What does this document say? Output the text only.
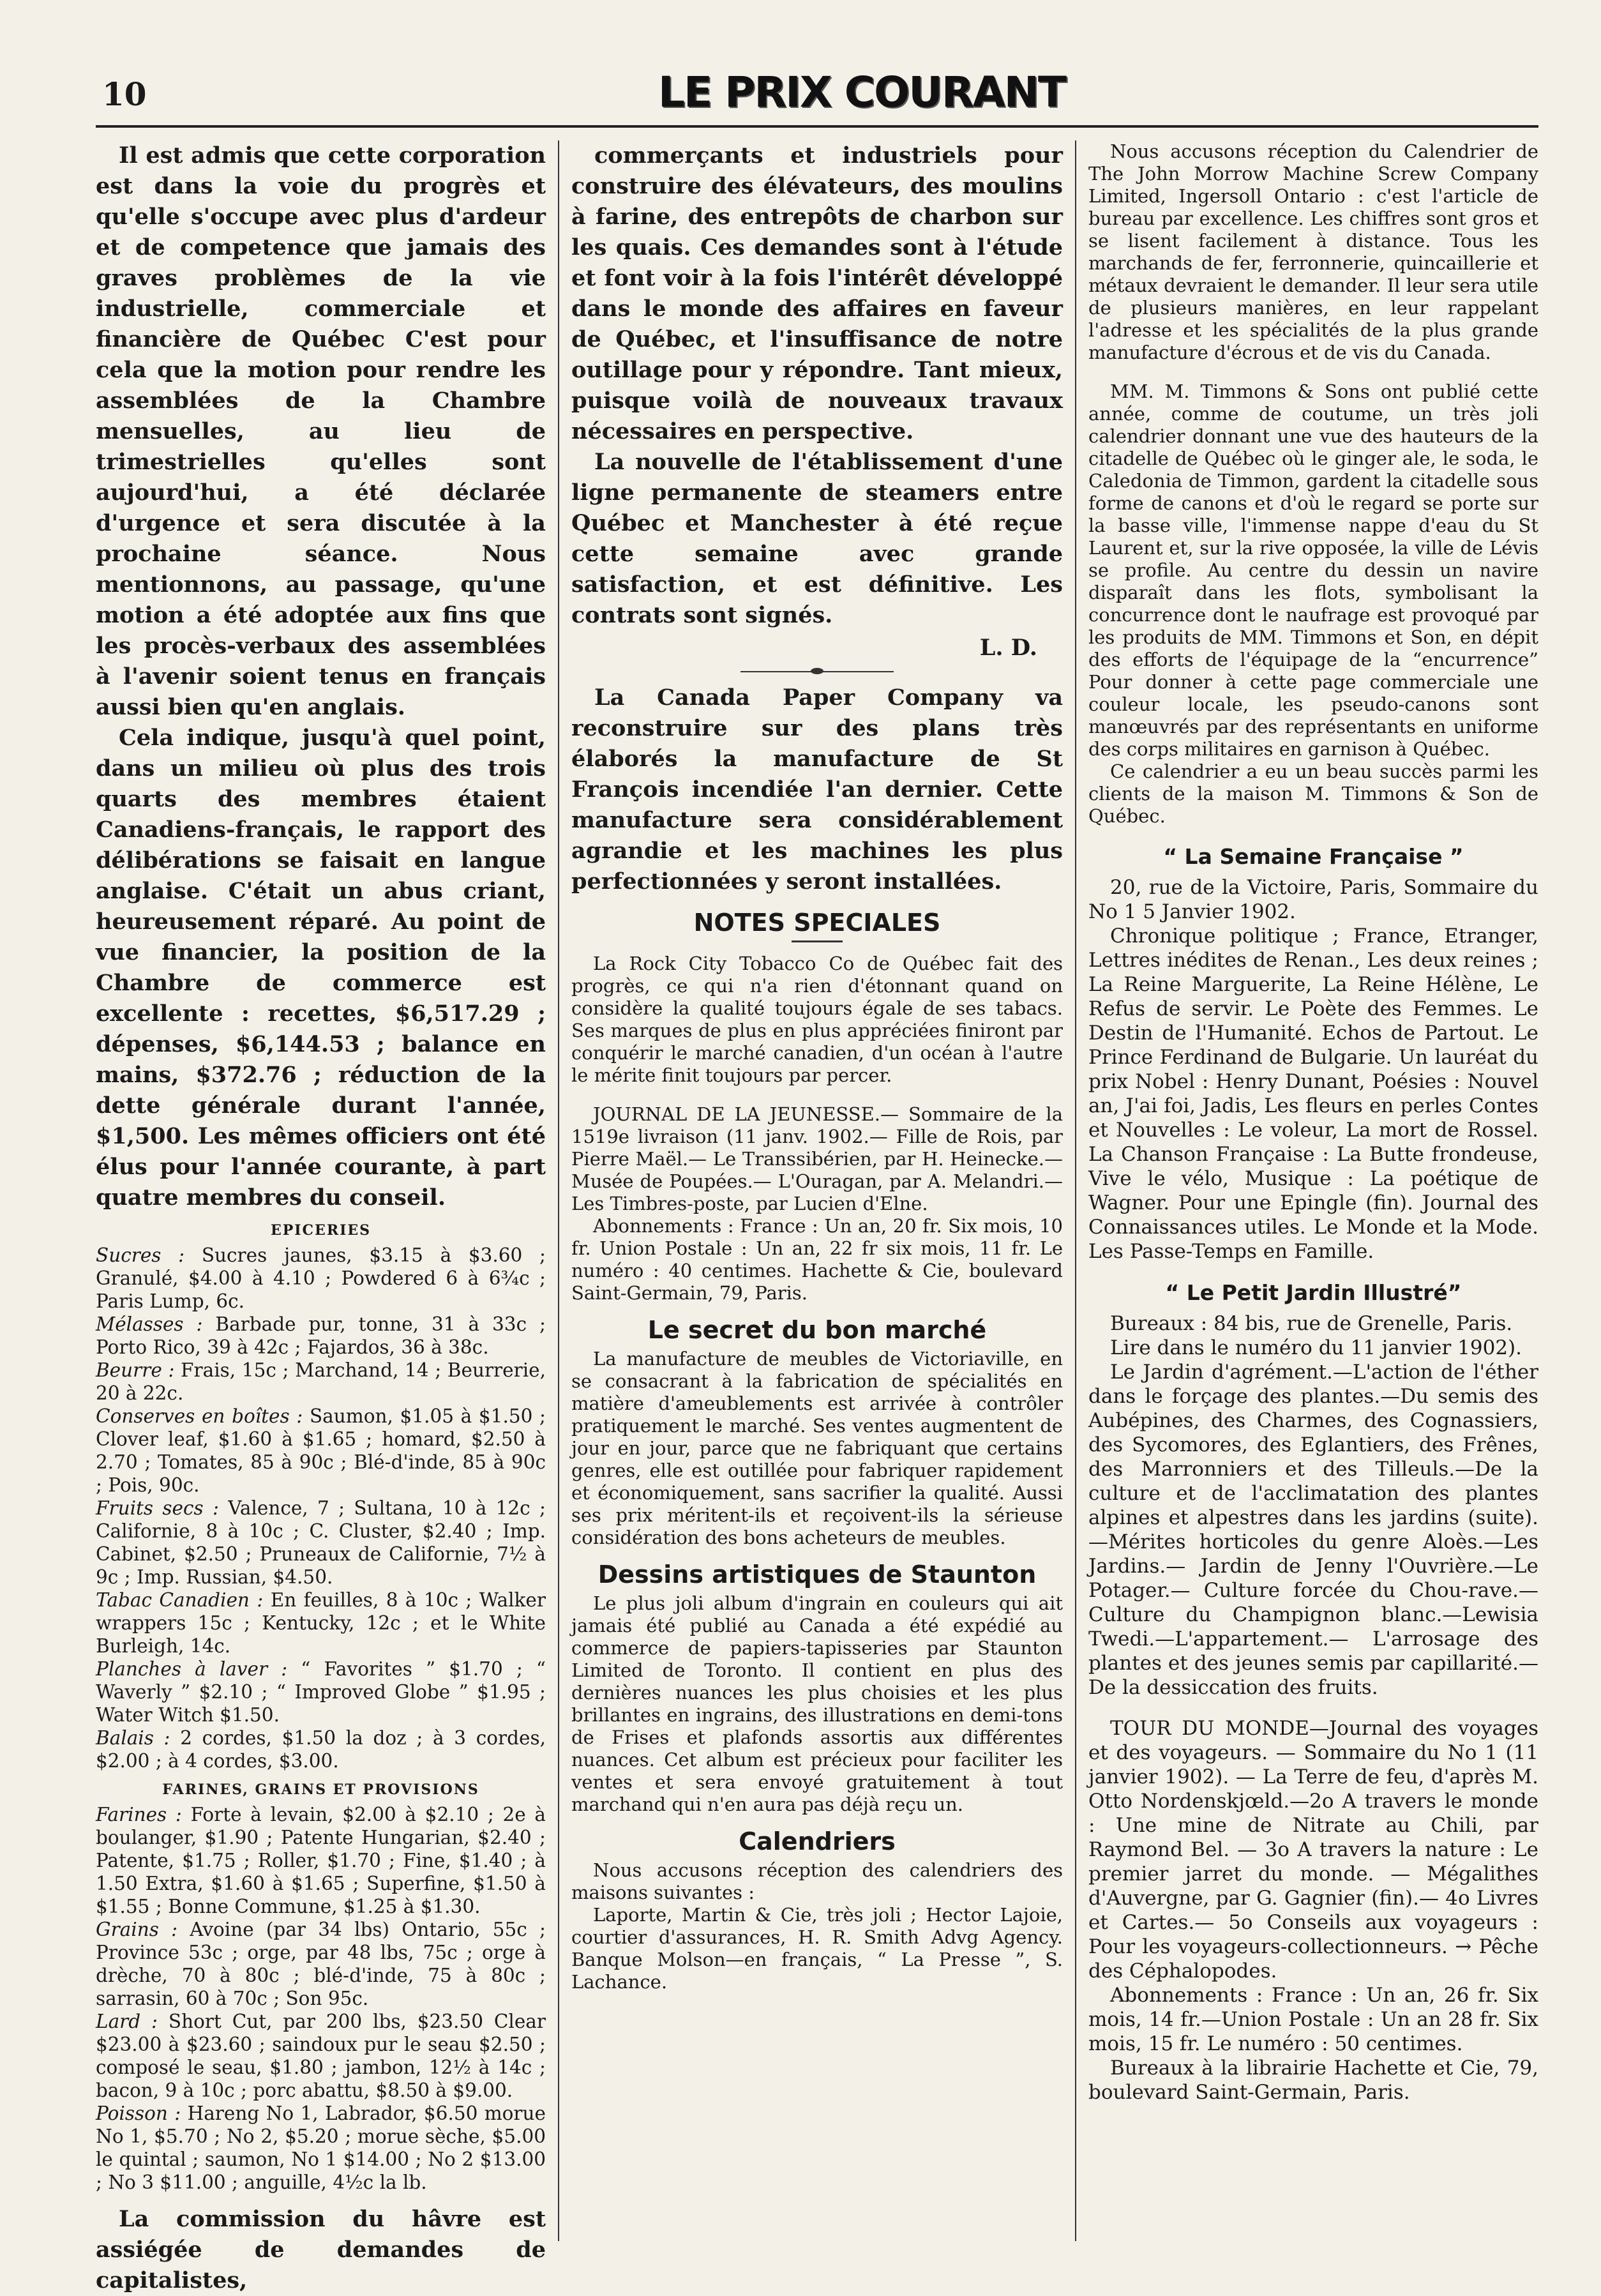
10	LE PRIX COURANT

Il est admis que cette corporation est dans la voie du progrès et qu'elle s'occupe avec plus d'ardeur et de competence que jamais des graves problèmes de la vie industrielle, commerciale et financière de Québec C'est pour cela que la motion pour rendre les assemblées de la Chambre mensuelles, au lieu de trimestrielles qu'elles sont aujourd'hui, a été déclarée d'urgence et sera discutée à la prochaine séance. Nous mentionnons, au passage, qu'une motion a été adoptée aux fins que les procès-verbaux des assemblées à l'avenir soient tenus en français aussi bien qu'en anglais.

Cela indique, jusqu'à quel point, dans un milieu où plus des trois quarts des membres étaient Canadiens-français, le rapport des délibérations se faisait en langue anglaise. C'était un abus criant, heureusement réparé. Au point de vue financier, la position de la Chambre de commerce est excellente : recettes, $6,517.29 ; dépenses, $6,144.53 ; balance en mains, $372.76 ; réduction de la dette générale durant l'année, $1,500. Les mêmes officiers ont été élus pour l'année courante, à part quatre membres du conseil.

EPICERIES

Sucres : Sucres jaunes, $3.15 à $3.60 ; Granulé, $4.00 à 4.10 ; Powdered 6 à 6¾c ; Paris Lump, 6c.

Mélasses : Barbade pur, tonne, 31 à 33c ; Porto Rico, 39 à 42c ; Fajardos, 36 à 38c.

Beurre : Frais, 15c ; Marchand, 14 ; Beurrerie, 20 à 22c.

Conserves en boîtes : Saumon, $1.05 à $1.50 ; Clover leaf, $1.60 à $1.65 ; homard, $2.50 à 2.70 ; Tomates, 85 à 90c ; Blé-d'inde, 85 à 90c ; Pois, 90c.

Fruits secs : Valence, 7 ; Sultana, 10 à 12c ; Californie, 8 à 10c ; C. Cluster, $2.40 ; Imp. Cabinet, $2.50 ; Pruneaux de Californie, 7½ à 9c ; Imp. Russian, $4.50.

Tabac Canadien : En feuilles, 8 à 10c ; Walker wrappers 15c ; Kentucky, 12c ; et le White Burleigh, 14c.

Planches à laver : “ Favorites ” $1.70 ; “ Waverly ” $2.10 ; “ Improved Globe ” $1.95 ; Water Witch $1.50.

Balais : 2 cordes, $1.50 la doz ; à 3 cordes, $2.00 ; à 4 cordes, $3.00.

FARINES, GRAINS ET PROVISIONS

Farines : Forte à levain, $2.00 à $2.10 ; 2e à boulanger, $1.90 ; Patente Hungarian, $2.40 ; Patente, $1.75 ; Roller, $1.70 ; Fine, $1.40 ; à 1.50 Extra, $1.60 à $1.65 ; Superfine, $1.50 à $1.55 ; Bonne Commune, $1.25 à $1.30.

Grains : Avoine (par 34 lbs) Ontario, 55c ; Province 53c ; orge, par 48 lbs, 75c ; orge à drèche, 70 à 80c ; blé-d'inde, 75 à 80c ; sarrasin, 60 à 70c ; Son 95c.

Lard : Short Cut, par 200 lbs, $23.50 Clear $23.00 à $23.60 ; saindoux pur le seau $2.50 ; composé le seau, $1.80 ; jambon, 12½ à 14c ; bacon, 9 à 10c ; porc abattu, $8.50 à $9.00.

Poisson : Hareng No 1, Labrador, $6.50 morue No 1, $5.70 ; No 2, $5.20 ; morue sèche, $5.00 le quintal ; saumon, No 1 $14.00 ; No 2 $13.00 ; No 3 $11.00 ; anguille, 4½c la lb.

La commission du hâvre est assiégée de demandes de capitalistes,

commerçants et industriels pour construire des élévateurs, des moulins à farine, des entrepôts de charbon sur les quais. Ces demandes sont à l'étude et font voir à la fois l'intérêt développé dans le monde des affaires en faveur de Québec, et l'insuffisance de notre outillage pour y répondre. Tant mieux, puisque voilà de nouveaux travaux nécessaires en perspective.

La nouvelle de l'établissement d'une ligne permanente de steamers entre Québec et Manchester à été reçue cette semaine avec grande satisfaction, et est définitive. Les contrats sont signés.

L. D.

La Canada Paper Company va reconstruire sur des plans très élaborés la manufacture de St François incendiée l'an dernier. Cette manufacture sera considérablement agrandie et les machines les plus perfectionnées y seront installées.

NOTES SPECIALES

La Rock City Tobacco Co de Québec fait des progrès, ce qui n'a rien d'étonnant quand on considère la qualité toujours égale de ses tabacs. Ses marques de plus en plus appréciées finiront par conquérir le marché canadien, d'un océan à l'autre le mérite finit toujours par percer.

JOURNAL DE LA JEUNESSE.— Sommaire de la 1519e livraison (11 janv. 1902.— Fille de Rois, par Pierre Maël.— Le Transsibérien, par H. Heinecke.— Musée de Poupées.— L'Ouragan, par A. Melandri.— Les Timbres-poste, par Lucien d'Elne.

Abonnements : France : Un an, 20 fr. Six mois, 10 fr. Union Postale : Un an, 22 fr six mois, 11 fr. Le numéro : 40 centimes. Hachette & Cie, boulevard Saint-Germain, 79, Paris.

Le secret du bon marché

La manufacture de meubles de Victoriaville, en se consacrant à la fabrication de spécialités en matière d'ameublements est arrivée à contrôler pratiquement le marché. Ses ventes augmentent de jour en jour, parce que ne fabriquant que certains genres, elle est outillée pour fabriquer rapidement et économiquement, sans sacrifier la qualité. Aussi ses prix méritent-ils et reçoivent-ils la sérieuse considération des bons acheteurs de meubles.

Dessins artistiques de Staunton

Le plus joli album d'ingrain en couleurs qui ait jamais été publié au Canada a été expédié au commerce de papiers-tapisseries par Staunton Limited de Toronto. Il contient en plus des dernières nuances les plus choisies et les plus brillantes en ingrains, des illustrations en demi-tons de Frises et plafonds assortis aux différentes nuances. Cet album est précieux pour faciliter les ventes et sera envoyé gratuitement à tout marchand qui n'en aura pas déjà reçu un.

Calendriers

Nous accusons réception des calendriers des maisons suivantes :

Laporte, Martin & Cie, très joli ; Hector Lajoie, courtier d'assurances, H. R. Smith Advg Agency. Banque Molson—en français, “ La Presse ”, S. Lachance.

Nous accusons réception du Calendrier de The John Morrow Machine Screw Company Limited, Ingersoll Ontario : c'est l'article de bureau par excellence. Les chiffres sont gros et se lisent facilement à distance. Tous les marchands de fer, ferronnerie, quincaillerie et métaux devraient le demander. Il leur sera utile de plusieurs manières, en leur rappelant l'adresse et les spécialités de la plus grande manufacture d'écrous et de vis du Canada.

MM. M. Timmons & Sons ont publié cette année, comme de coutume, un très joli calendrier donnant une vue des hauteurs de la citadelle de Québec où le ginger ale, le soda, le Caledonia de Timmon, gardent la citadelle sous forme de canons et d'où le regard se porte sur la basse ville, l'immense nappe d'eau du St Laurent et, sur la rive opposée, la ville de Lévis se profile. Au centre du dessin un navire disparaît dans les flots, symbolisant la concurrence dont le naufrage est provoqué par les produits de MM. Timmons et Son, en dépit des efforts de l'équipage de la “encurrence” Pour donner à cette page commerciale une couleur locale, les pseudo-canons sont manœuvrés par des représentants en uniforme des corps militaires en garnison à Québec.

Ce calendrier a eu un beau succès parmi les clients de la maison M. Timmons & Son de Québec.

“ La Semaine Française ”

20, rue de la Victoire, Paris, Sommaire du No 1 5 Janvier 1902.

Chronique politique ; France, Etranger, Lettres inédites de Renan., Les deux reines ; La Reine Marguerite, La Reine Hélène, Le Refus de servir. Le Poète des Femmes. Le Destin de l'Humanité. Echos de Partout. Le Prince Ferdinand de Bulgarie. Un lauréat du prix Nobel : Henry Dunant, Poésies : Nouvel an, J'ai foi, Jadis, Les fleurs en perles Contes et Nouvelles : Le voleur, La mort de Rossel. La Chanson Française : La Butte frondeuse, Vive le vélo, Musique : La poétique de Wagner. Pour une Epingle (fin). Journal des Connaissances utiles. Le Monde et la Mode. Les Passe-Temps en Famille.

“ Le Petit Jardin Illustré”

Bureaux : 84 bis, rue de Grenelle, Paris.

Lire dans le numéro du 11 janvier 1902).

Le Jardin d'agrément.—L'action de l'éther dans le forçage des plantes.—Du semis des Aubépines, des Charmes, des Cognassiers, des Sycomores, des Eglantiers, des Frênes, des Marronniers et des Tilleuls.—De la culture et de l'acclimatation des plantes alpines et alpestres dans les jardins (suite).—Mérites horticoles du genre Aloès.—Les Jardins.— Jardin de Jenny l'Ouvrière.—Le Potager.— Culture forcée du Chou-rave.—Culture du Champignon blanc.—Lewisia Twedi.—L'appartement.— L'arrosage des plantes et des jeunes semis par capillarité.—De la dessiccation des fruits.

TOUR DU MONDE—Journal des voyages et des voyageurs. — Sommaire du No 1 (11 janvier 1902). — La Terre de feu, d'après M. Otto Nordenskjœld.—2o A travers le monde : Une mine de Nitrate au Chili, par Raymond Bel. — 3o A travers la nature : Le premier jarret du monde. — Mégalithes d'Auvergne, par G. Gagnier (fin).— 4o Livres et Cartes.— 5o Conseils aux voyageurs : Pour les voyageurs-collectionneurs. → Pêche des Céphalopodes.

Abonnements : France : Un an, 26 fr. Six mois, 14 fr.—Union Postale : Un an 28 fr. Six mois, 15 fr. Le numéro : 50 centimes.

Bureaux à la librairie Hachette et Cie, 79, boulevard Saint-Germain, Paris.
